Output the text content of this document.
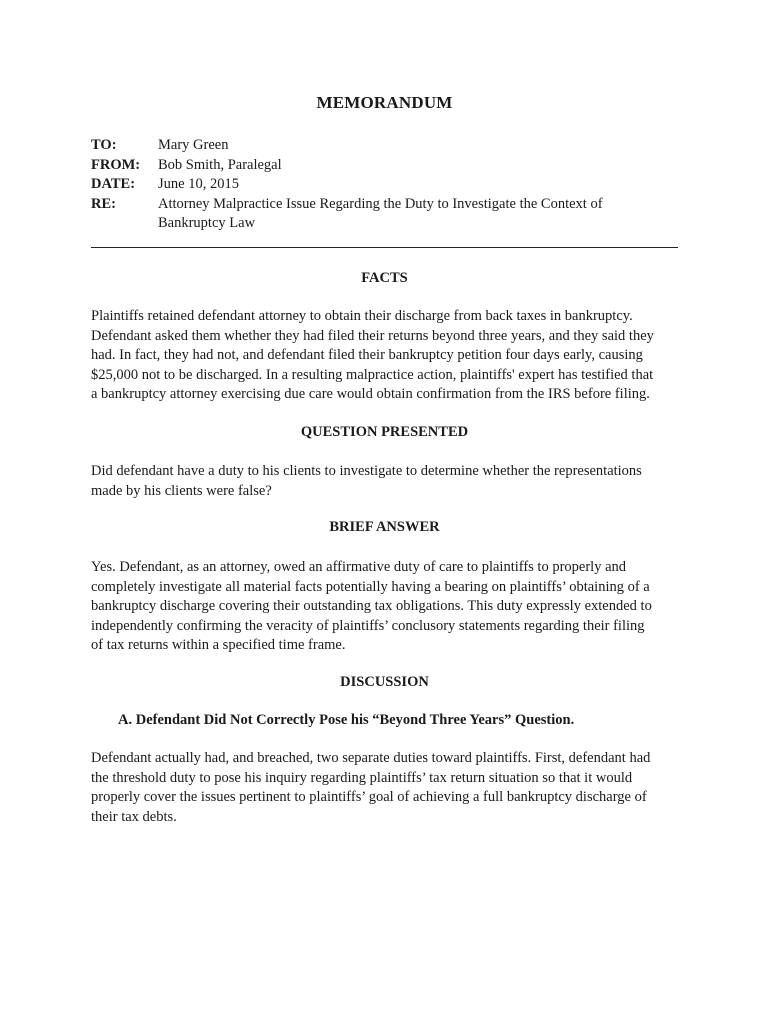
MEMORANDUM
TO:	Mary Green
FROM:	Bob Smith, Paralegal
DATE:	June 10, 2015
RE:	Attorney Malpractice Issue Regarding the Duty to Investigate the Context of
Bankruptcy Law
FACTS
Plaintiffs retained defendant attorney to obtain their discharge from back taxes in bankruptcy.
Defendant asked them whether they had filed their returns beyond three years, and they said they
had. In fact, they had not, and defendant filed their bankruptcy petition four days early, causing
$25,000 not to be discharged. In a resulting malpractice action, plaintiffs' expert has testified that
a bankruptcy attorney exercising due care would obtain confirmation from the IRS before filing.
QUESTION PRESENTED
Did defendant have a duty to his clients to investigate to determine whether the representations
made by his clients were false?
BRIEF ANSWER
Yes. Defendant, as an attorney, owed an affirmative duty of care to plaintiffs to properly and
completely investigate all material facts potentially having a bearing on plaintiffs’ obtaining of a
bankruptcy discharge covering their outstanding tax obligations. This duty expressly extended to
independently confirming the veracity of plaintiffs’ conclusory statements regarding their filing
of tax returns within a specified time frame.
DISCUSSION
A. Defendant Did Not Correctly Pose his “Beyond Three Years” Question.
Defendant actually had, and breached, two separate duties toward plaintiffs. First, defendant had
the threshold duty to pose his inquiry regarding plaintiffs’ tax return situation so that it would
properly cover the issues pertinent to plaintiffs’ goal of achieving a full bankruptcy discharge of
their tax debts.
